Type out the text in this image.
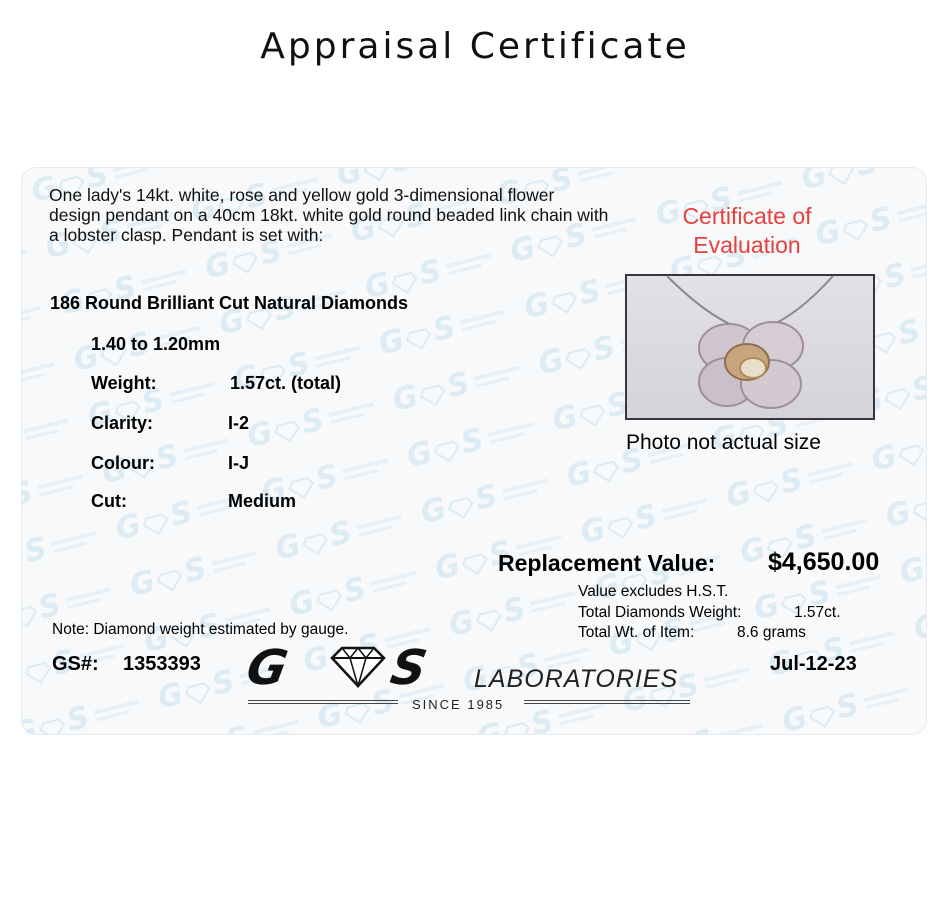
Appraisal Certificate
One lady's 14kt. white, rose and yellow gold 3-dimensional flower design pendant on a 40cm 18kt. white gold round beaded link chain with a lobster clasp. Pendant is set with:
186 Round Brilliant Cut Natural Diamonds
1.40 to 1.20mm
Weight:	1.57ct. (total)
Clarity:	I-2
Colour:	I-J
Cut:	Medium
Certificate of Evaluation
Photo not actual size
Replacement Value: $4,650.00
Value excludes H.S.T.
Total Diamonds Weight:	1.57ct.
Total Wt. of Item:	8.6 grams
Note: Diamond weight estimated by gauge.
GS#: 1353393	Jul-12-23
G S LABORATORIES
SINCE 1985
